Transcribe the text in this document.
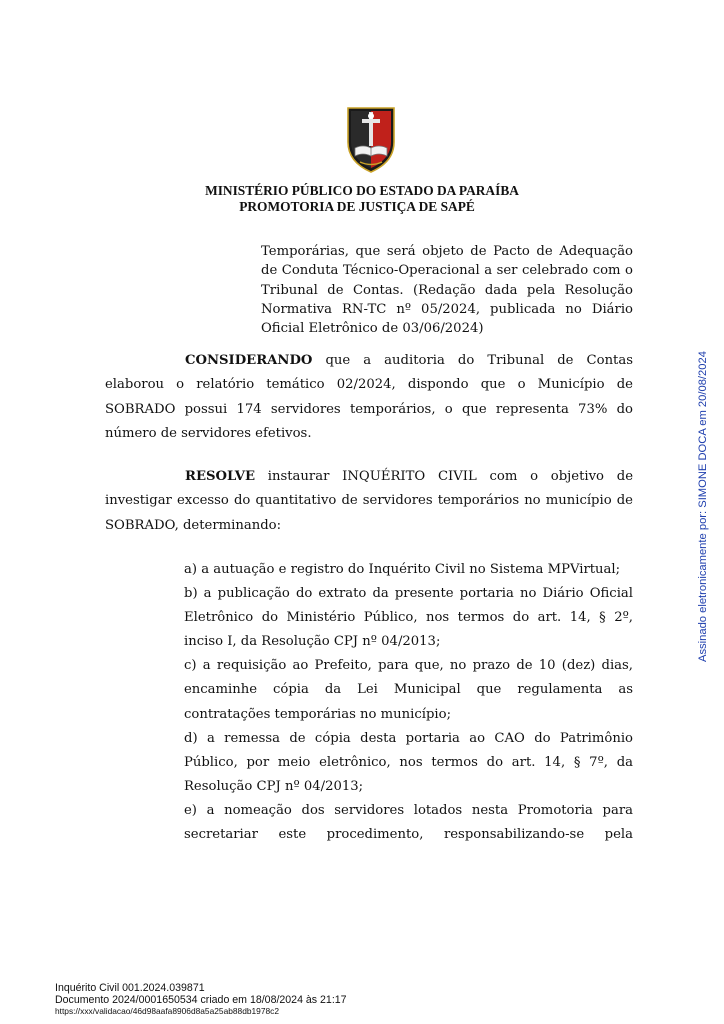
MINISTÉRIO PÚBLICO DO ESTADO DA PARAÍBA
PROMOTORIA DE JUSTIÇA DE SAPÉ
Temporárias, que será objeto de Pacto de Adequação de Conduta Técnico-Operacional a ser celebrado com o Tribunal de Contas. (Redação dada pela Resolução Normativa RN-TC nº 05/2024, publicada no Diário Oficial Eletrônico de 03/06/2024)
CONSIDERANDO que a auditoria do Tribunal de Contas elaborou o relatório temático 02/2024, dispondo que o Município de SOBRADO possui 174 servidores temporários, o que representa 73% do número de servidores efetivos.
RESOLVE instaurar INQUÉRITO CIVIL com o objetivo de investigar excesso do quantitativo de servidores temporários no município de SOBRADO, determinando:

a) a autuação e registro do Inquérito Civil no Sistema MPVirtual;

b) a publicação do extrato da presente portaria no Diário Oficial Eletrônico do Ministério Público, nos termos do art. 14, § 2º, inciso I, da Resolução CPJ nº 04/2013;

c) a requisição ao Prefeito, para que, no prazo de 10 (dez) dias, encaminhe cópia da Lei Municipal que regulamenta as contratações temporárias no município;

d) a remessa de cópia desta portaria ao CAO do Patrimônio Público, por meio eletrônico, nos termos do art. 14, § 7º, da Resolução CPJ nº 04/2013;

e) a nomeação dos servidores lotados nesta Promotoria para secretariar este procedimento, responsabilizando-se pela

Assinado eletronicamente por: SIMONE DOCA em 20/08/2024
Inquérito Civil 001.2024.039871
Documento 2024/0001650534 criado em 18/08/2024 às 21:17
https://xxx/validacao/46d98aafa8906d8a5a25ab88db1978c2
